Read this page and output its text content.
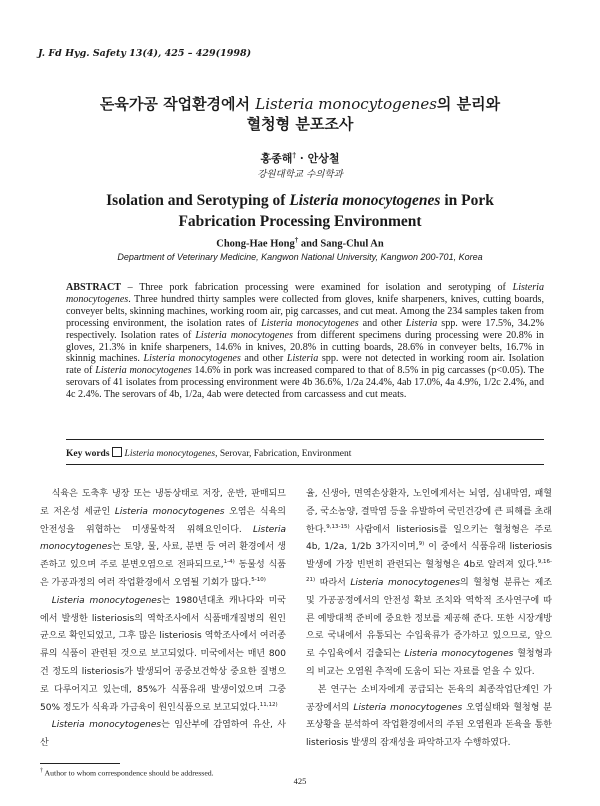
J. Fd Hyg. Safety 13(4), 425 – 429(1998)
돈육가공 작업환경에서 Listeria monocytogenes의 분리와
혈청형 분포조사
홍종해† · 안상철
강원대학교 수의학과
Isolation and Serotyping of Listeria monocytogenes in Pork
Fabrication Processing Environment
Chong-Hae Hong† and Sang-Chul An
Department of Veterinary Medicine, Kangwon National University, Kangwon 200-701, Korea
ABSTRACT – Three pork fabrication processing were examined for isolation and serotyping of Listeria monocytogenes. Three hundred thirty samples were collected from gloves, knife sharpeners, knives, cutting boards, conveyer belts, skinning machines, working room air, pig carcasses, and cut meat. Among the 234 samples taken from processing environment, the isolation rates of Listeria monocytogenes and other Listeria spp. were 17.5%, 34.2% respectively. Isolation rates of Listeria monocytogenes from different specimens during processing were 20.8% in gloves, 21.3% in knife sharpeners, 14.6% in knives, 20.8% in cutting boards, 28.6% in conveyer belts, 16.7% in skinnig machines. Listeria monocytogenes and other Listeria spp. were not detected in working room air. Isolation rate of Listeria monocytogenes 14.6% in pork was increased compared to that of 8.5% in pig carcasses (p<0.05). The serovars of 41 isolates from processing environment were 4b 36.6%, 1/2a 24.4%, 4ab 17.0%, 4a 4.9%, 1/2c 2.4%, and 4c 2.4%. The serovars of 4b, 1/2a, 4ab were detected from carcassess and cut meats.
Key words Listeria monocytogenes, Serovar, Fabrication, Environment

식육은 도축후 냉장 또는 냉동상태로 저장, 운반, 판매되므로 저온성 세균인 Listeria monocytogenes 오염은 식육의 안전성을 위협하는 미생물학적 위해요인이다. Listeria monocytogenes는 토양, 물, 사료, 분변 등 여러 환경에서 생존하고 있으며 주로 분변오염으로 전파되므로,$^{1-4)}$ 동물성 식품은 가공과정의 여러 작업환경에서 오염될 기회가 많다.$^{5-10)}$

Listeria monocytogenes는 1980년대초 캐나다와 미국에서 발생한 listeriosis의 역학조사에서 식품매개질병의 원인균으로 확인되었고, 그후 많은 listeriosis 역학조사에서 여러종류의 식품이 관련된 것으로 보고되었다. 미국에서는 매년 800건 정도의 listeriosis가 발생되어 공중보건학상 중요한 질병으로 다루어지고 있는데, 85%가 식품유래 발생이었으며 그중 50% 정도가 식육과 가금육이 원인식품으로 보고되었다.$^{11,12)}$

Listeria monocytogenes는 임산부에 감염하여 유산, 사산

율, 신생아, 면역손상환자, 노인에게서는 뇌염, 심내막염, 패혈증, 국소농양, 결막염 등을 유발하여 국민건강에 큰 피해를 초래한다.$^{9,13-15)}$ 사람에서 listeriosis를 일으키는 혈청형은 주로 4b, 1/2a, 1/2b 3가지이며,$^{9)}$ 이 중에서 식품유래 listeriosis 발생에 가장 빈번히 관련되는 혈청형은 4b로 알려져 있다.$^{9,16-21)}$ 따라서 Listeria monocytogenes의 혈청형 분류는 제조 및 가공공정에서의 안전성 확보 조치와 역학적 조사연구에 따른 예방대책 준비에 중요한 정보를 제공해 준다. 또한 시장개방으로 국내에서 유통되는 수입육류가 증가하고 있으므로, 앞으로 수입육에서 검출되는 Listeria monocytogenes 혈청형과의 비교는 오염원 추적에 도움이 되는 자료를 얻을 수 있다.

본 연구는 소비자에게 공급되는 돈육의 최종작업단계인 가공장에서의 Listeria monocytogenes 오염실태와 혈청형 분포상황을 분석하여 작업환경에서의 주된 오염원과 돈육을 통한 listeriosis 발생의 잠재성을 파악하고자 수행하였다.

† Author to whom correspondence should be addressed.
425
